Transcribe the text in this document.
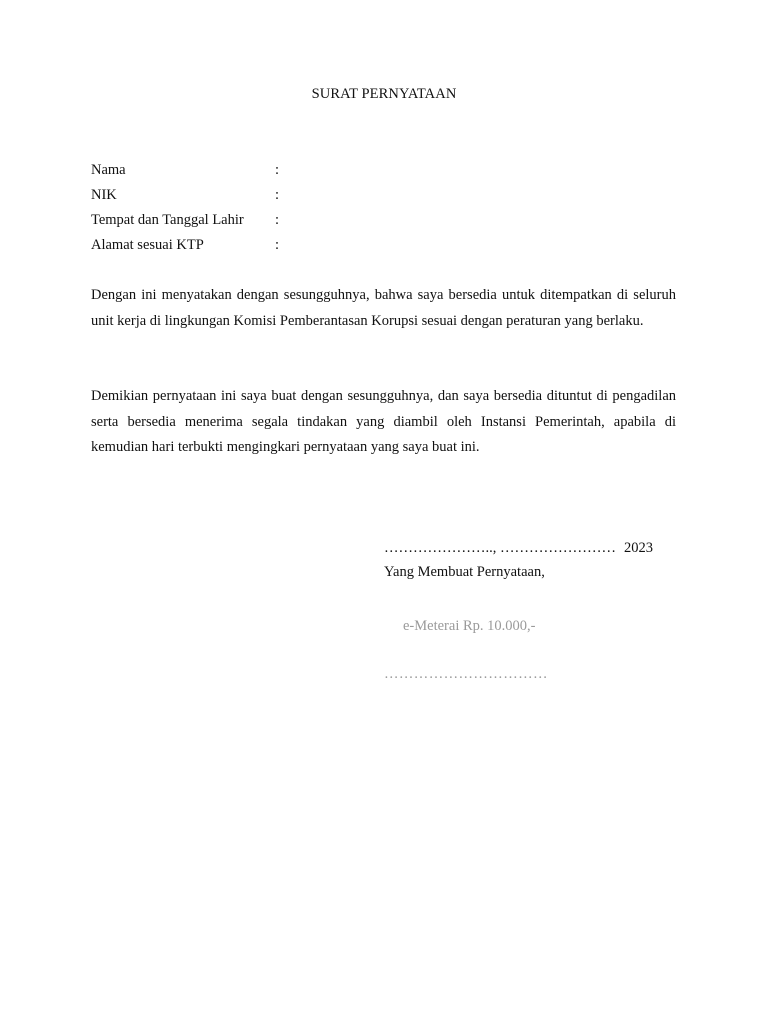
SURAT PERNYATAAN
Nama	:
NIK	:
Tempat dan Tanggal Lahir	:
Alamat sesuai KTP	:

Dengan ini menyatakan dengan sesungguhnya, bahwa saya bersedia untuk ditempatkan di seluruh unit kerja di lingkungan Komisi Pemberantasan Korupsi sesuai dengan peraturan yang berlaku.

Demikian pernyataan ini saya buat dengan sesungguhnya, dan saya bersedia dituntut di pengadilan serta bersedia menerima segala tindakan yang diambil oleh Instansi Pemerintah, apabila di kemudian hari terbukti mengingkari pernyataan yang saya buat ini.

………………….., …………………… 2023
Yang Membuat Pernyataan,
e-Meterai Rp. 10.000,-
……………………………
